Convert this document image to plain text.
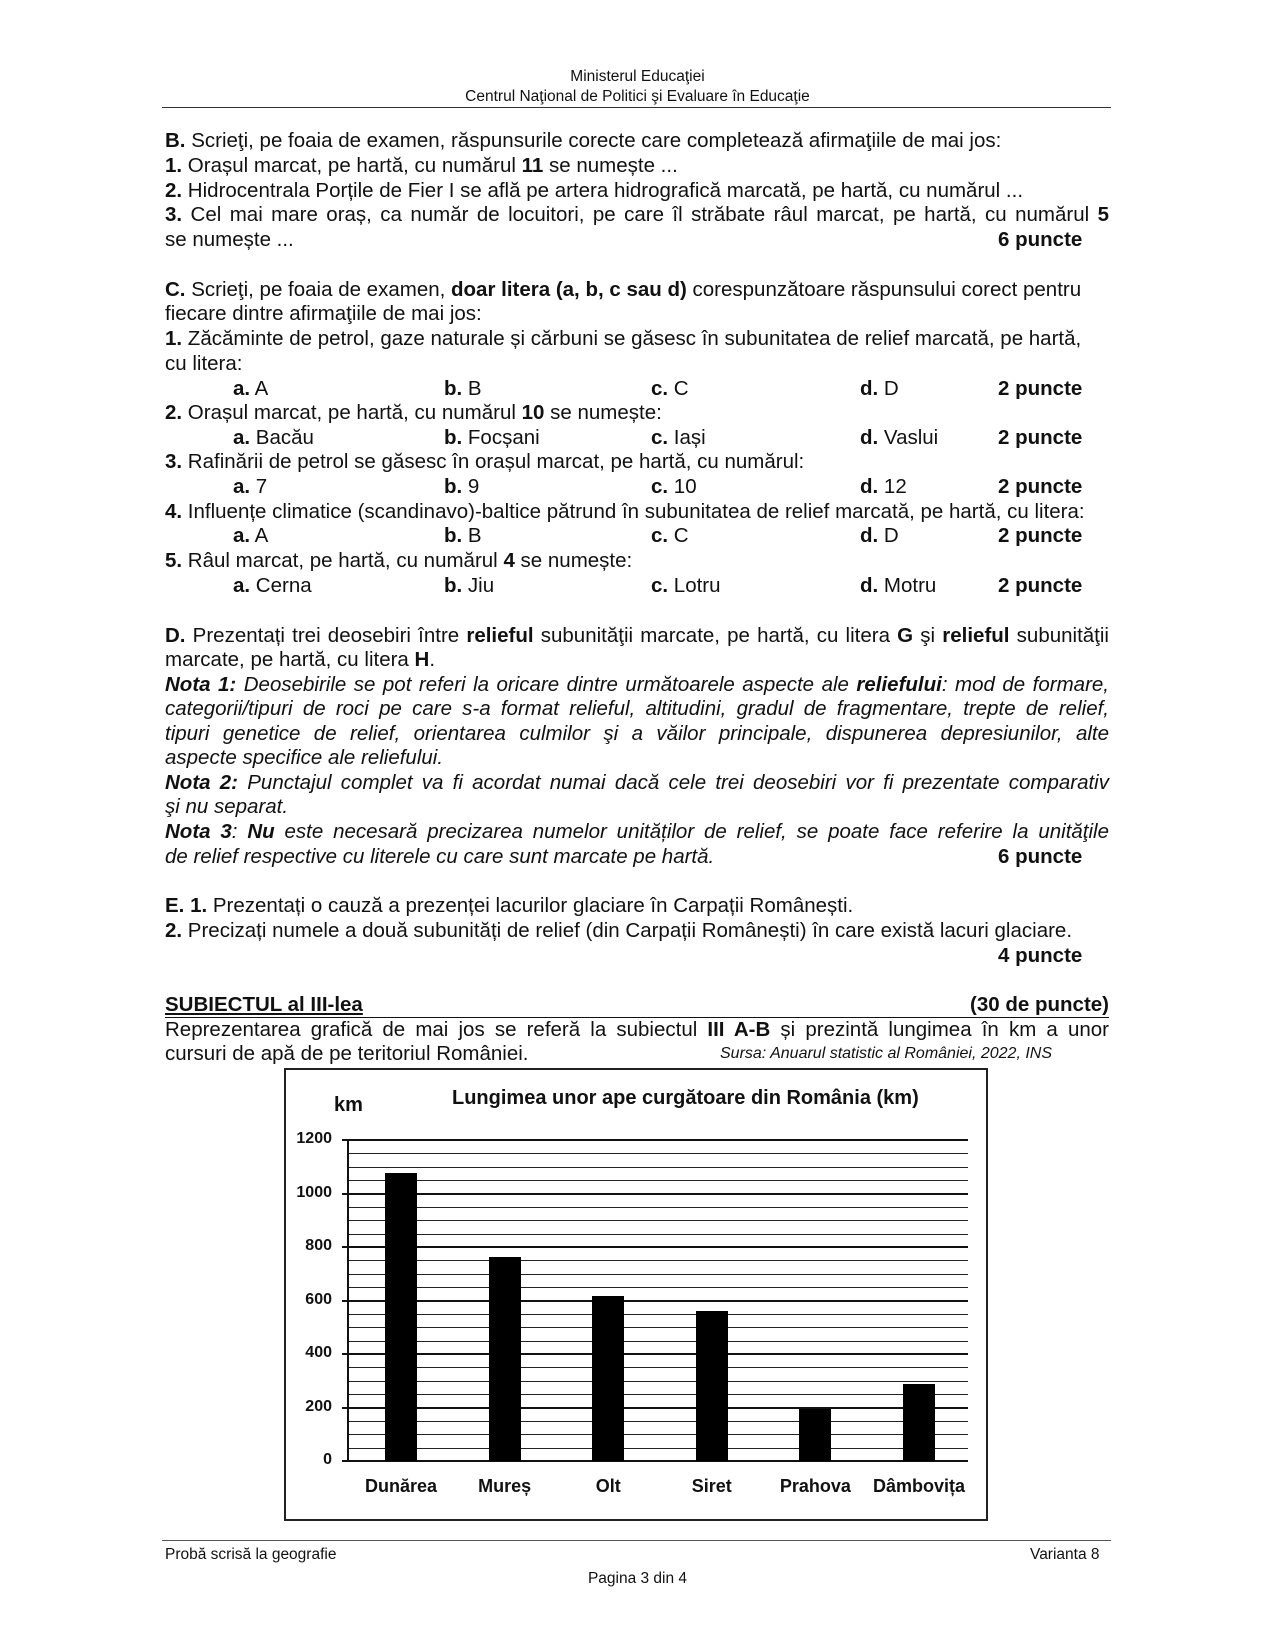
Ministerul Educaţiei
Centrul Naţional de Politici şi Evaluare în Educaţie
B. Scrieţi, pe foaia de examen, răspunsurile corecte care completează afirmaţiile de mai jos:
1. Orașul marcat, pe hartă, cu numărul 11 se numește ...
2. Hidrocentrala Porțile de Fier I se află pe artera hidrografică marcată, pe hartă, cu numărul ...
3. Cel mai mare oraș, ca număr de locuitori, pe care îl străbate râul marcat, pe hartă, cu numărul 5
se numește ...	6 puncte
C. Scrieţi, pe foaia de examen, doar litera (a, b, c sau d) corespunzătoare răspunsului corect pentru
fiecare dintre afirmaţiile de mai jos:
1. Zăcăminte de petrol, gaze naturale și cărbuni se găsesc în subunitatea de relief marcată, pe hartă,
cu litera:
a. A	b. B	c. C	d. D	2 puncte
2. Orașul marcat, pe hartă, cu numărul 10 se numește:
a. Bacău	b. Focșani	c. Iași	d. Vaslui	2 puncte
3. Rafinării de petrol se găsesc în orașul marcat, pe hartă, cu numărul:
a. 7	b. 9	c. 10	d. 12	2 puncte
4. Influențe climatice (scandinavo)-baltice pătrund în subunitatea de relief marcată, pe hartă, cu litera:
a. A	b. B	c. C	d. D	2 puncte
5. Râul marcat, pe hartă, cu numărul 4 se numește:
a. Cerna	b. Jiu	c. Lotru	d. Motru	2 puncte
D. Prezentați trei deosebiri între relieful subunităţii marcate, pe hartă, cu litera G şi relieful subunităţii
marcate, pe hartă, cu litera H.
Nota 1: Deosebirile se pot referi la oricare dintre următoarele aspecte ale reliefului: mod de formare,
categorii/tipuri de roci pe care s-a format relieful, altitudini, gradul de fragmentare, trepte de relief,
tipuri genetice de relief, orientarea culmilor şi a văilor principale, dispunerea depresiunilor, alte
aspecte specifice ale reliefului.
Nota 2: Punctajul complet va fi acordat numai dacă cele trei deosebiri vor fi prezentate comparativ
şi nu separat.
Nota 3: Nu este necesară precizarea numelor unităților de relief, se poate face referire la unităţile
de relief respective cu literele cu care sunt marcate pe hartă.	6 puncte
E. 1. Prezentați o cauză a prezenței lacurilor glaciare în Carpații Românești.
2. Precizați numele a două subunități de relief (din Carpații Românești) în care există lacuri glaciare.
4 puncte
SUBIECTUL al III-lea	(30 de puncte)
Reprezentarea grafică de mai jos se referă la subiectul III A-B și prezintă lungimea în km a unor
cursuri de apă de pe teritoriul României.	Sursa: Anuarul statistic al României, 2022, INS
km	Lungimea unor ape curgătoare din România (km)
0
200
400
600
800
1000
1200
Dunărea	Mureș	Olt	Siret	Prahova	Dâmbovița
Probă scrisă la geografie	Varianta 8
Pagina 3 din 4
